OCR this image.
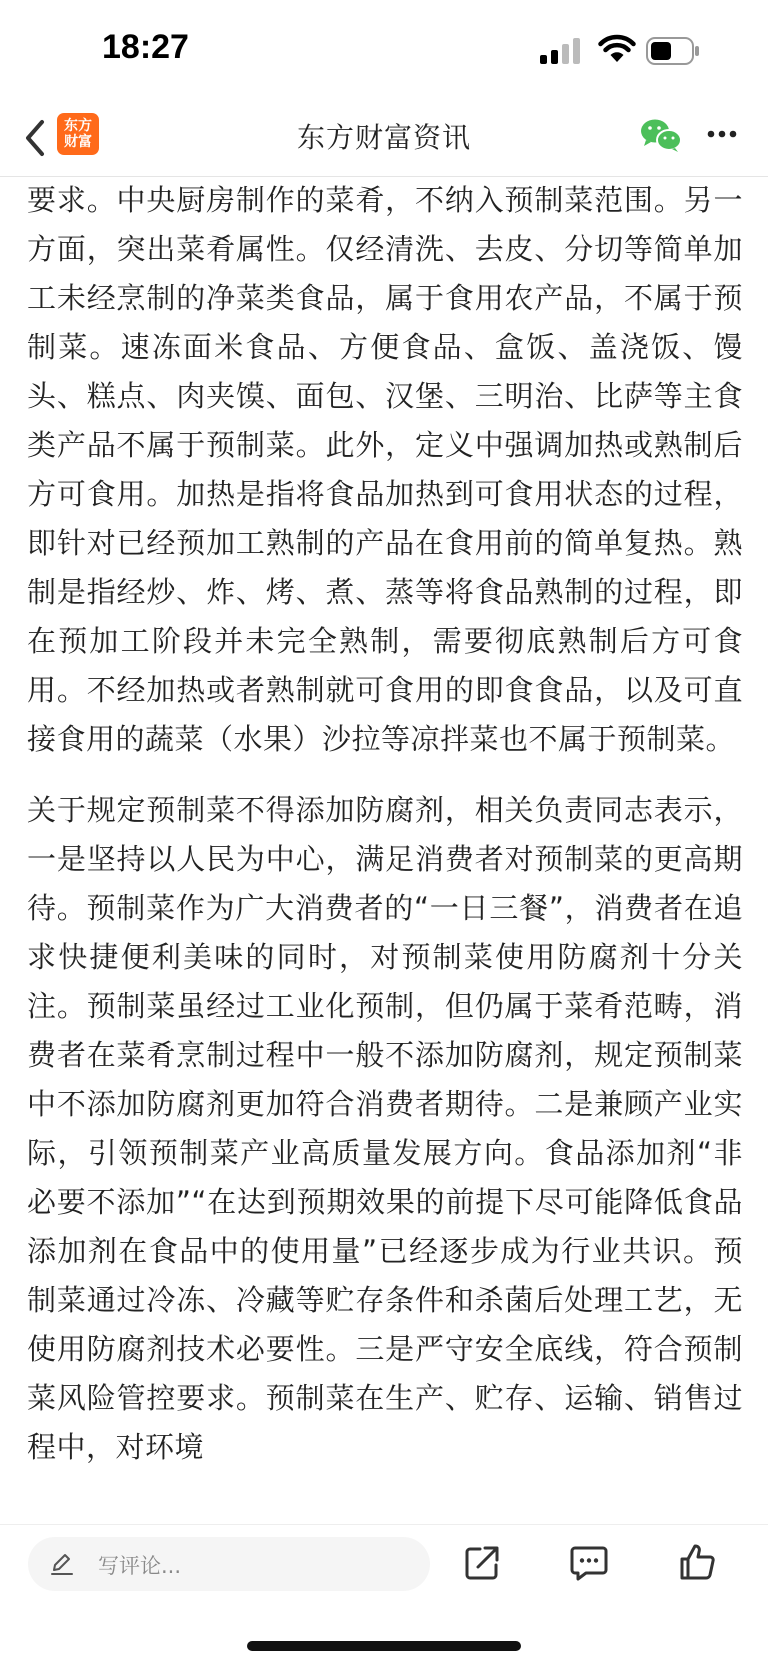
18:27
东方
财富	东方财富资讯

要求。中央厨房制作的菜肴，不纳入预制菜范围。另一方面，突出菜肴属性。仅经清洗、去皮、分切等简单加工未经烹制的净菜类食品，属于食用农产品，不属于预制菜。速冻面米食品、方便食品、盒饭、盖浇饭、馒头、糕点、肉夹馍、面包、汉堡、三明治、比萨等主食类产品不属于预制菜。此外，定义中强调加热或熟制后方可食用。加热是指将食品加热到可食用状态的过程，即针对已经预加工熟制的产品在食用前的简单复热。熟制是指经炒、炸、烤、煮、蒸等将食品熟制的过程，即在预加工阶段并未完全熟制，需要彻底熟制后方可食用。不经加热或者熟制就可食用的即食食品，以及可直接食用的蔬菜（水果）沙拉等凉拌菜也不属于预制菜。

关于规定预制菜不得添加防腐剂，相关负责同志表示，一是坚持以人民为中心，满足消费者对预制菜的更高期待。预制菜作为广大消费者的“一日三餐”，消费者在追求快捷便利美味的同时，对预制菜使用防腐剂十分关注。预制菜虽经过工业化预制，但仍属于菜肴范畴，消费者在菜肴烹制过程中一般不添加防腐剂，规定预制菜中不添加防腐剂更加符合消费者期待。二是兼顾产业实际，引领预制菜产业高质量发展方向。食品添加剂“非必要不添加”“在达到预期效果的前提下尽可能降低食品添加剂在食品中的使用量”已经逐步成为行业共识。预制菜通过冷冻、冷藏等贮存条件和杀菌后处理工艺，无使用防腐剂技术必要性。三是严守安全底线，符合预制菜风险管控要求。预制菜在生产、贮存、运输、销售过程中，对环境

写评论...
